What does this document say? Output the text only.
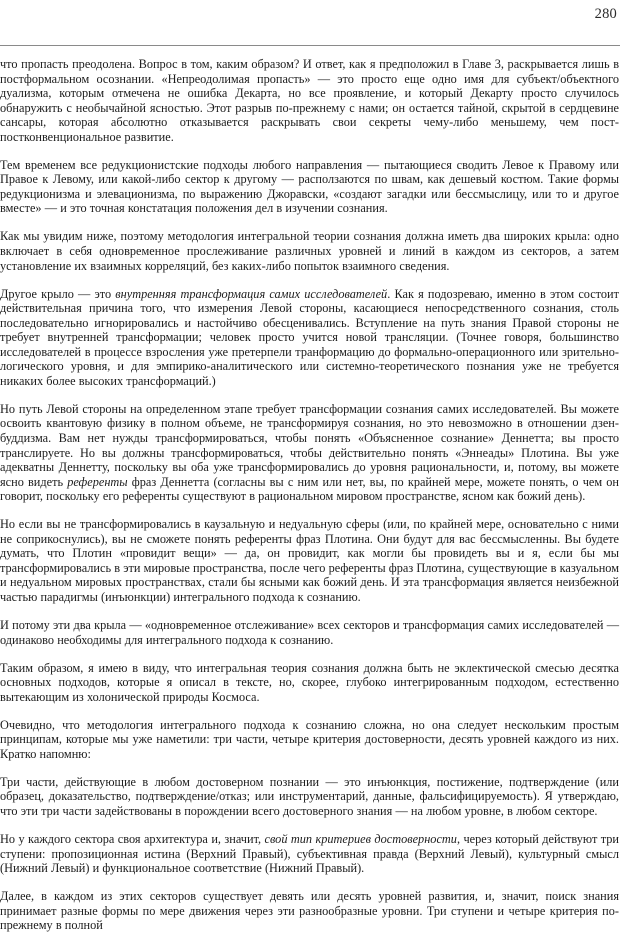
280

что пропасть преодолена. Вопрос в том, каким образом? И ответ, как я предположил в Главе 3, раскрывается лишь в постформальном осознании. «Непреодолимая пропасть» — это просто еще одно имя для субъект/объектного дуализма, которым отмечена не ошибка Декарта, но все проявление, и который Декарту просто случилось обнаружить с необычайной ясностью. Этот разрыв по-прежнему с нами; он остается тайной, скрытой в сердцевине сансары, которая абсолютно отказывается раскрывать свои секреты чему-либо меньшему, чем пост-постконвенциональное развитие.

Тем временем все редукционистские подходы любого направления — пытающиеся сводить Левое к Правому или Правое к Левому, или какой-либо сектор к другому — расползаются по швам, как дешевый костюм. Такие формы редукционизма и элевационизма, по выражению Джоравски, «создают загадки или бессмыслицу, или то и другое вместе» — и это точная констатация положения дел в изучении сознания.

Как мы увидим ниже, поэтому методология интегральной теории сознания должна иметь два широких крыла: одно включает в себя одновременное прослеживание различных уровней и линий в каждом из секторов, а затем установление их взаимных корреляций, без каких-либо попыток взаимного сведения.

Другое крыло — это внутренняя трансформация самих исследователей. Как я подозреваю, именно в этом состоит действительная причина того, что измерения Левой стороны, касающиеся непосредственного сознания, столь последовательно игнорировались и настойчиво обесценивались. Вступление на путь знания Правой стороны не требует внутренней трансформации; человек просто учится новой трансляции. (Точнее говоря, большинство исследователей в процессе взросления уже претерпели транформацию до формально-операционного или зрительно-логического уровня, и для эмпирико-аналитического или системно-теоретического познания уже не требуется никаких более высоких трансформаций.)

Но путь Левой стороны на определенном этапе требует трансформации сознания самих исследователей. Вы можете освоить квантовую физику в полном объеме, не трансформируя сознания, но это невозможно в отношении дзен-буддизма. Вам нет нужды трансформироваться, чтобы понять «Объясненное сознание» Деннетта; вы просто транслируете. Но вы должны трансформироваться, чтобы действительно понять «Эннеады» Плотина. Вы уже адекватны Деннетту, поскольку вы оба уже трансформировались до уровня рациональности, и, потому, вы можете ясно видеть референты фраз Деннетта (согласны вы с ним или нет, вы, по крайней мере, можете понять, о чем он говорит, поскольку его референты существуют в рациональном мировом пространстве, ясном как божий день).

Но если вы не трансформировались в каузальную и недуальную сферы (или, по крайней мере, основательно с ними не соприкоснулись), вы не сможете понять референты фраз Плотина. Они будут для вас бессмысленны. Вы будете думать, что Плотин «провидит вещи» — да, он провидит, как могли бы провидеть вы и я, если бы мы трансформировались в эти мировые пространства, после чего референты фраз Плотина, существующие в казуальном и недуальном мировых пространствах, стали бы ясными как божий день. И эта трансформация является неизбежной частью парадигмы (инъюнкции) интегрального подхода к сознанию.

И потому эти два крыла — «одновременное отслеживание» всех секторов и трансформация самих исследователей — одинаково необходимы для интегрального подхода к сознанию.

Таким образом, я имею в виду, что интегральная теория сознания должна быть не эклектической смесью десятка основных подходов, которые я описал в тексте, но, скорее, глубоко интегрированным подходом, естественно вытекающим из холонической природы Космоса.

Очевидно, что методология интегрального подхода к сознанию сложна, но она следует нескольким простым принципам, которые мы уже наметили: три части, четыре критерия достоверности, десять уровней каждого из них. Кратко напомню:

Три части, действующие в любом достоверном познании — это инъюнкция, постижение, подтверждение (или образец, доказательство, подтверждение/отказ; или инструментарий, данные, фальсифицируемость). Я утверждаю, что эти три части задействованы в порождении всего достоверного знания — на любом уровне, в любом секторе.

Но у каждого сектора своя архитектура и, значит, свой тип критериев достоверности, через который действуют три ступени: пропозиционная истина (Верхний Правый), субъективная правда (Верхний Левый), культурный смысл (Нижний Левый) и функциональное соответствие (Нижний Правый).

Далее, в каждом из этих секторов существует девять или десять уровней развития, и, значит, поиск знания принимает разные формы по мере движения через эти разнообразные уровни. Три ступени и четыре критерия по-прежнему в полной
